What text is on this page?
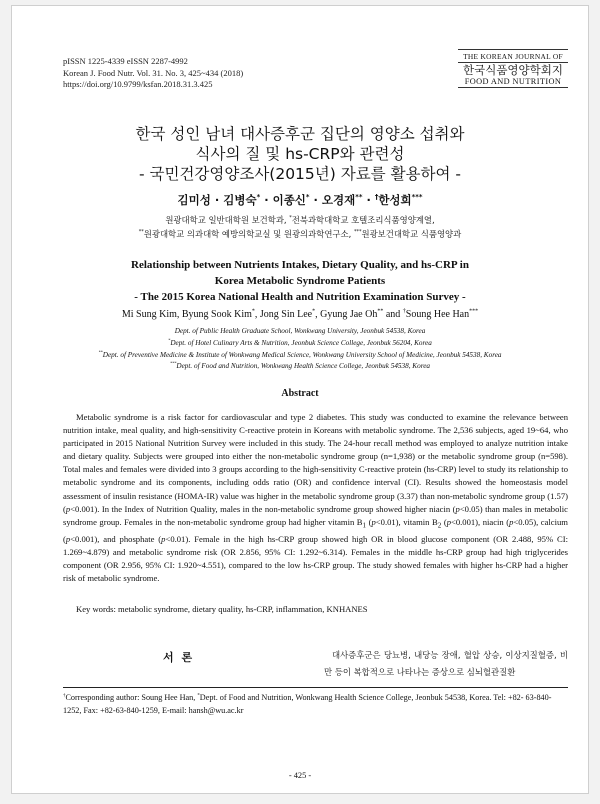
pISSN 1225-4339 eISSN 2287-4992
Korean J. Food Nutr. Vol. 31. No. 3, 425~434 (2018)
https://doi.org/10.9799/ksfan.2018.31.3.425
THE KOREAN JOURNAL OF
한국식품영양학회지
FOOD AND NUTRITION
한국 성인 남녀 대사증후군 집단의 영양소 섭취와
식사의 질 및 hs-CRP와 관련성
- 국민건강영양조사(2015년) 자료를 활용하여 -
김미성 · 김병숙* · 이종신* · 오경재** · †한성희***
원광대학교 일반대학원 보건학과, *전북과학대학교 호텔조리식품영양계열,
**원광대학교 의과대학 예방의학교실 및 원광의과학연구소, ***원광보건대학교 식품영양과
Relationship between Nutrients Intakes, Dietary Quality, and hs-CRP in
Korea Metabolic Syndrome Patients
- The 2015 Korea National Health and Nutrition Examination Survey -
Mi Sung Kim, Byung Sook Kim*, Jong Sin Lee*, Gyung Jae Oh** and †Soung Hee Han***
Dept. of Public Health Graduate School, Wonkwang University, Jeonbuk 54538, Korea
*Dept. of Hotel Culinary Arts & Nutrition, Jeonbuk Science College, Jeonbuk 56204, Korea
**Dept. of Preventive Medicine & Institute of Wonkwang Medical Science, Wonkwang University School of Medicine, Jeonbuk 54538, Korea
***Dept. of Food and Nutrition, Wonkwang Health Science College, Jeonbuk 54538, Korea
Abstract
Metabolic syndrome is a risk factor for cardiovascular and type 2 diabetes. This study was conducted to examine the relevance between nutrition intake, meal quality, and high-sensitivity C-reactive protein in Koreans with metabolic syndrome. The 2,536 subjects, aged 19~64, who participated in 2015 National Nutrition Survey were included in this study. The 24-hour recall method was employed to analyze nutrition intake and dietary quality. Subjects were grouped into either the non-metabolic syndrome group (n=1,938) or the metabolic syndrome group (n=598). Total males and females were divided into 3 groups according to the high-sensitivity C-reactive protein (hs-CRP) level to study its relationship to metabolic syndrome and its components, including odds ratio (OR) and confidence interval (CI). Results showed the homeostasis model assessment of insulin resistance (HOMA-IR) value was higher in the metabolic syndrome group (3.37) than non-metabolic syndrome group (1.57) (p<0.001). In the Index of Nutrition Quality, males in the non-metabolic syndrome group showed higher niacin (p<0.05) than males in metabolic syndrome group. Females in the non-metabolic syndrome group had higher vitamin $B_1$ (p<0.01), vitamin $B_2$ (p<0.001), niacin (p<0.05), calcium (p<0.001), and phosphate (p<0.01). Female in the high hs-CRP group showed high OR in blood glucose component (OR 2.488, 95% CI: 1.269~4.879) and metabolic syndrome risk (OR 2.856, 95% CI: 1.292~6.314). Females in the middle hs-CRP group had high triglycerides component (OR 2.956, 95% CI: 1.920~4.551), compared to the low hs-CRP group. The study showed females with higher hs-CRP had a higher risk of metabolic syndrome.
Key words: metabolic syndrome, dietary quality, hs-CRP, inflammation, KNHANES
서 론	대사증후군은 당뇨병, 내당능 장애, 혈압 상승, 이상지질혈증, 비만 등이 복합적으로 나타나는 증상으로 심뇌혈관질환
†Corresponding author: Soung Hee Han, *Dept. of Food and Nutrition, Wonkwang Health Science College, Jeonbuk 54538, Korea. Tel: +82- 63-840-1252, Fax: +82-63-840-1259, E-mail: hansh@wu.ac.kr
- 425 -
